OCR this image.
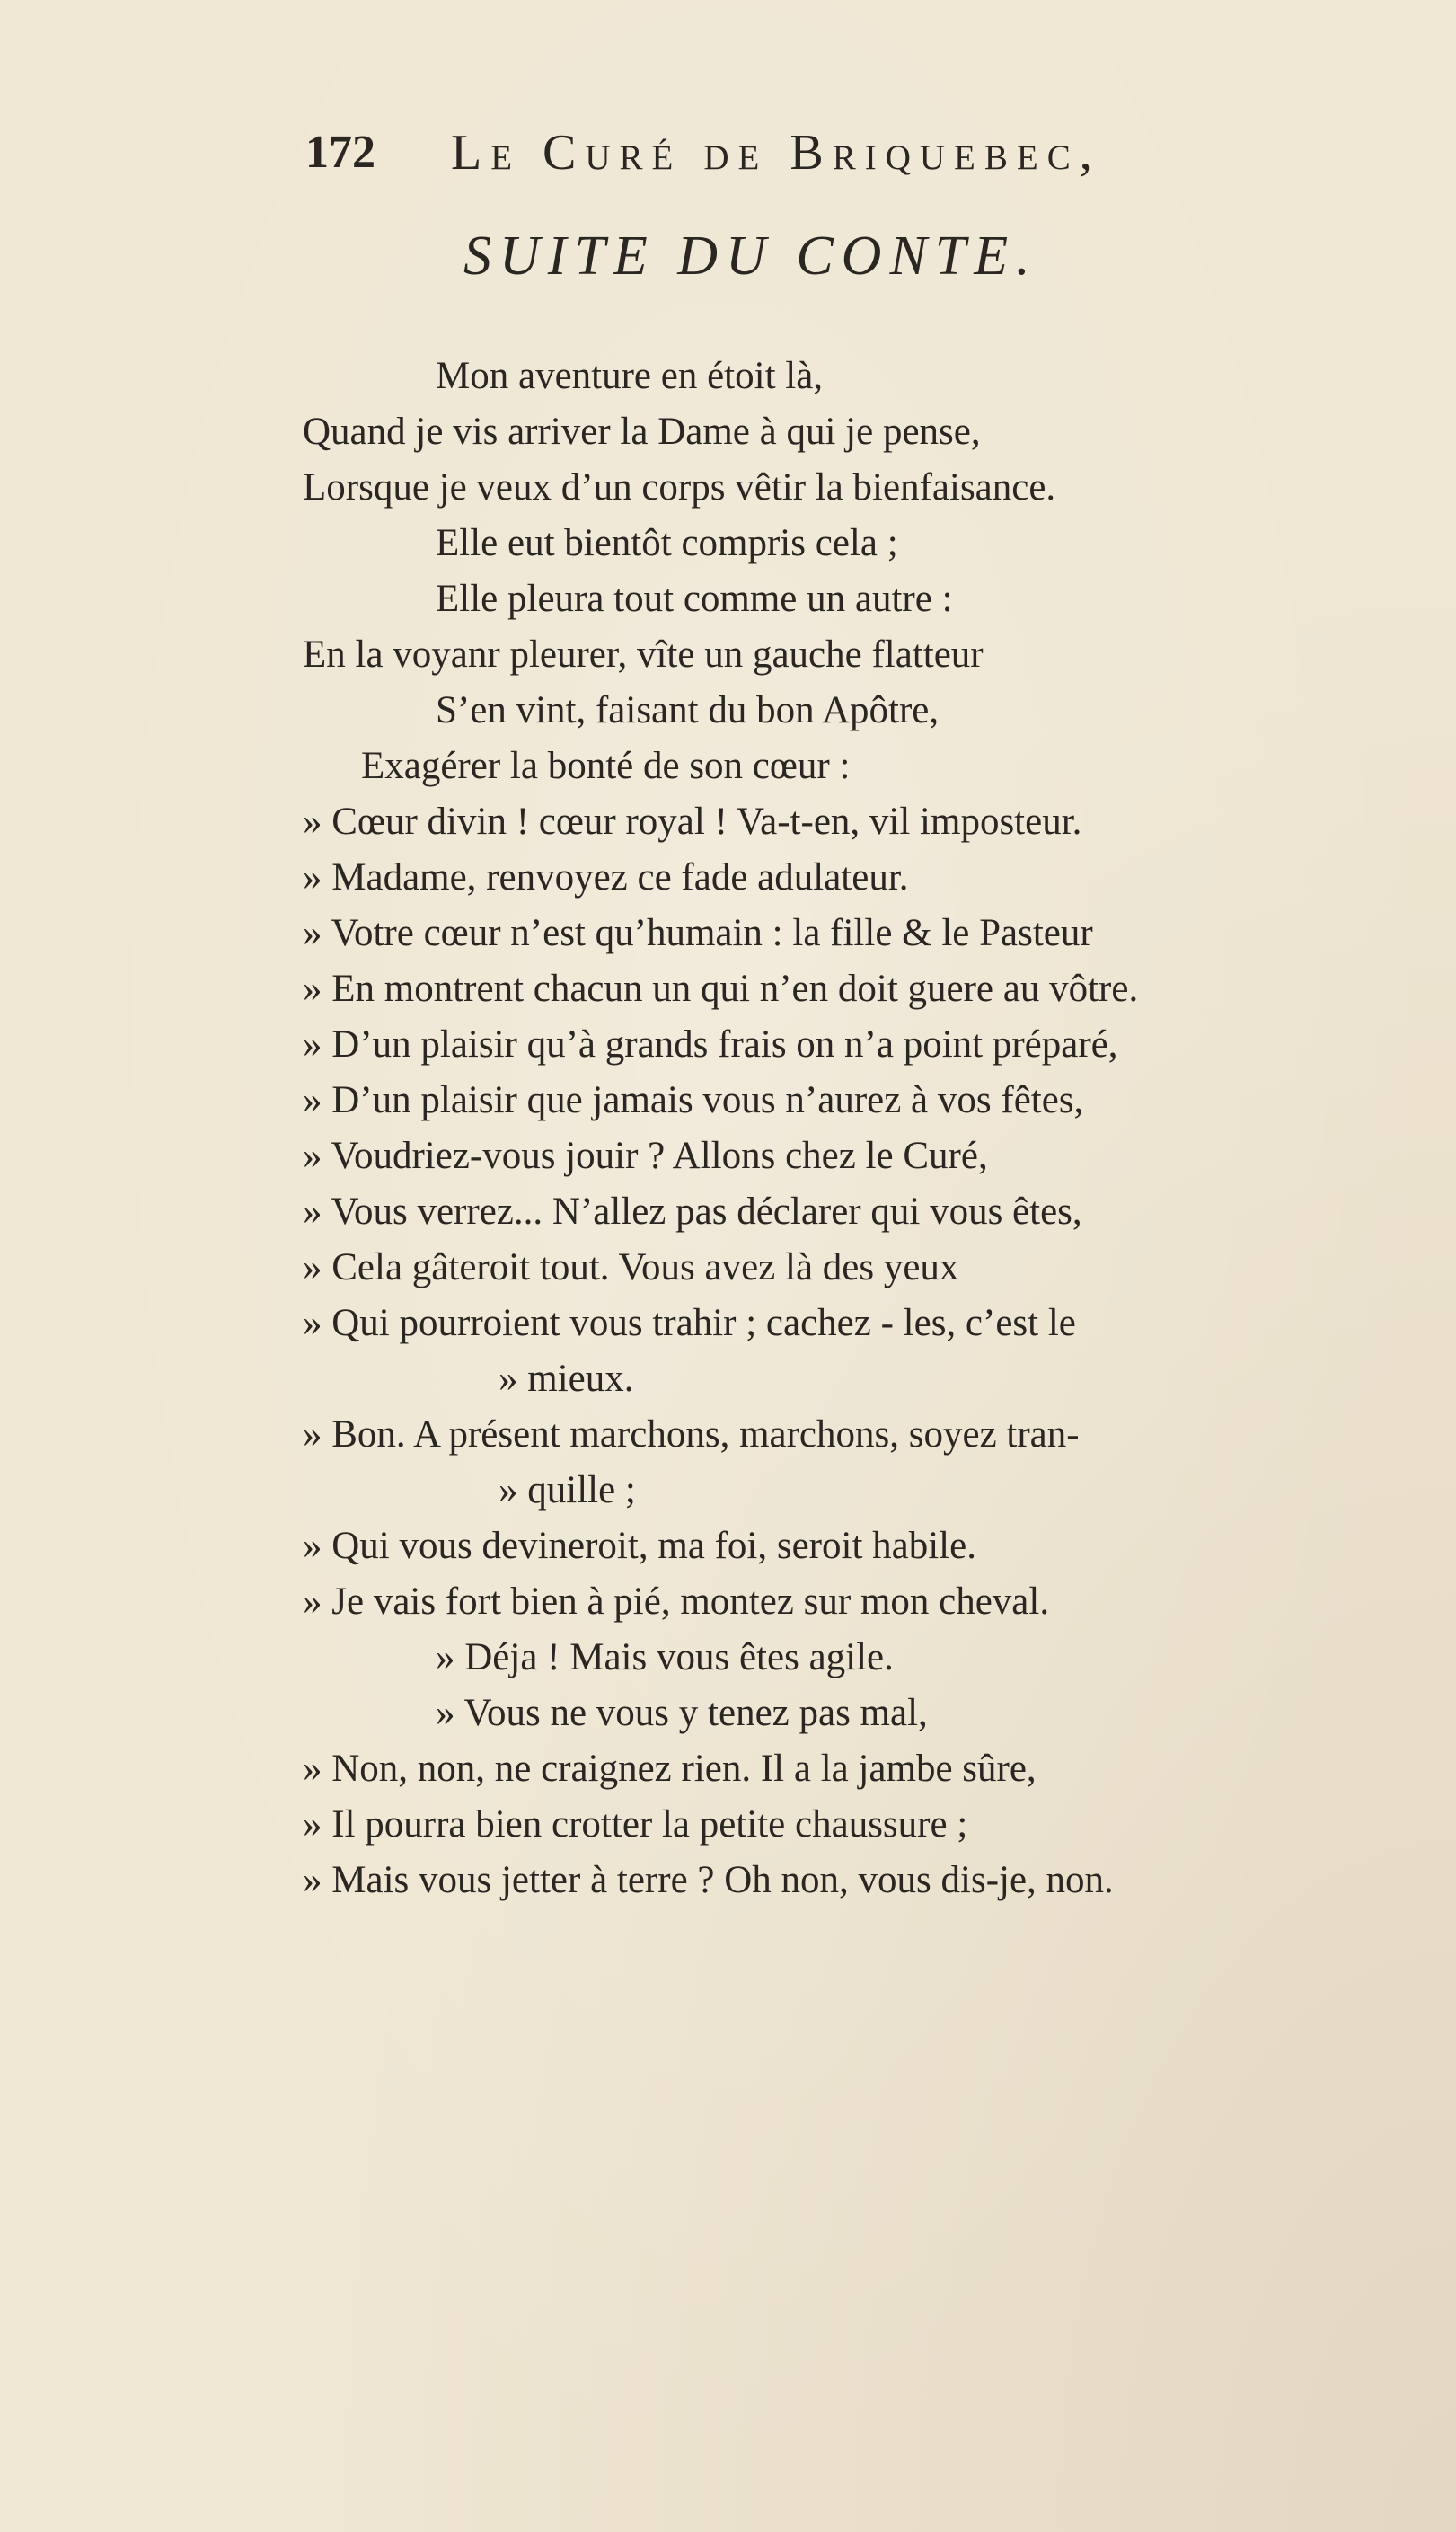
172 Le Curé de Briquebec,
SUITE DU CONTE.
Mon aventure en étoit là,
Quand je vis arriver la Dame à qui je pense,
Lorsque je veux d’un corps vêtir la bienfaisance.
Elle eut bientôt compris cela ;
Elle pleura tout comme un autre :
En la voyanr pleurer, vîte un gauche flatteur
S’en vint, faisant du bon Apôtre,
Exagérer la bonté de son cœur :
» Cœur divin ! cœur royal ! Va-t-en, vil imposteur.
» Madame, renvoyez ce fade adulateur.
» Votre cœur n’est qu’humain : la fille & le Pasteur
» En montrent chacun un qui n’en doit guere au vôtre.
» D’un plaisir qu’à grands frais on n’a point préparé,
» D’un plaisir que jamais vous n’aurez à vos fêtes,
» Voudriez-vous jouir ? Allons chez le Curé,
» Vous verrez... N’allez pas déclarer qui vous êtes,
» Cela gâteroit tout. Vous avez là des yeux
» Qui pourroient vous trahir ; cachez - les, c’est le
» mieux.
» Bon. A présent marchons, marchons, soyez tran-
» quille ;
» Qui vous devineroit, ma foi, seroit habile.
» Je vais fort bien à pié, montez sur mon cheval.
» Déja ! Mais vous êtes agile.
» Vous ne vous y tenez pas mal,
» Non, non, ne craignez rien. Il a la jambe sûre,
» Il pourra bien crotter la petite chaussure ;
» Mais vous jetter à terre ? Oh non, vous dis-je, non.
